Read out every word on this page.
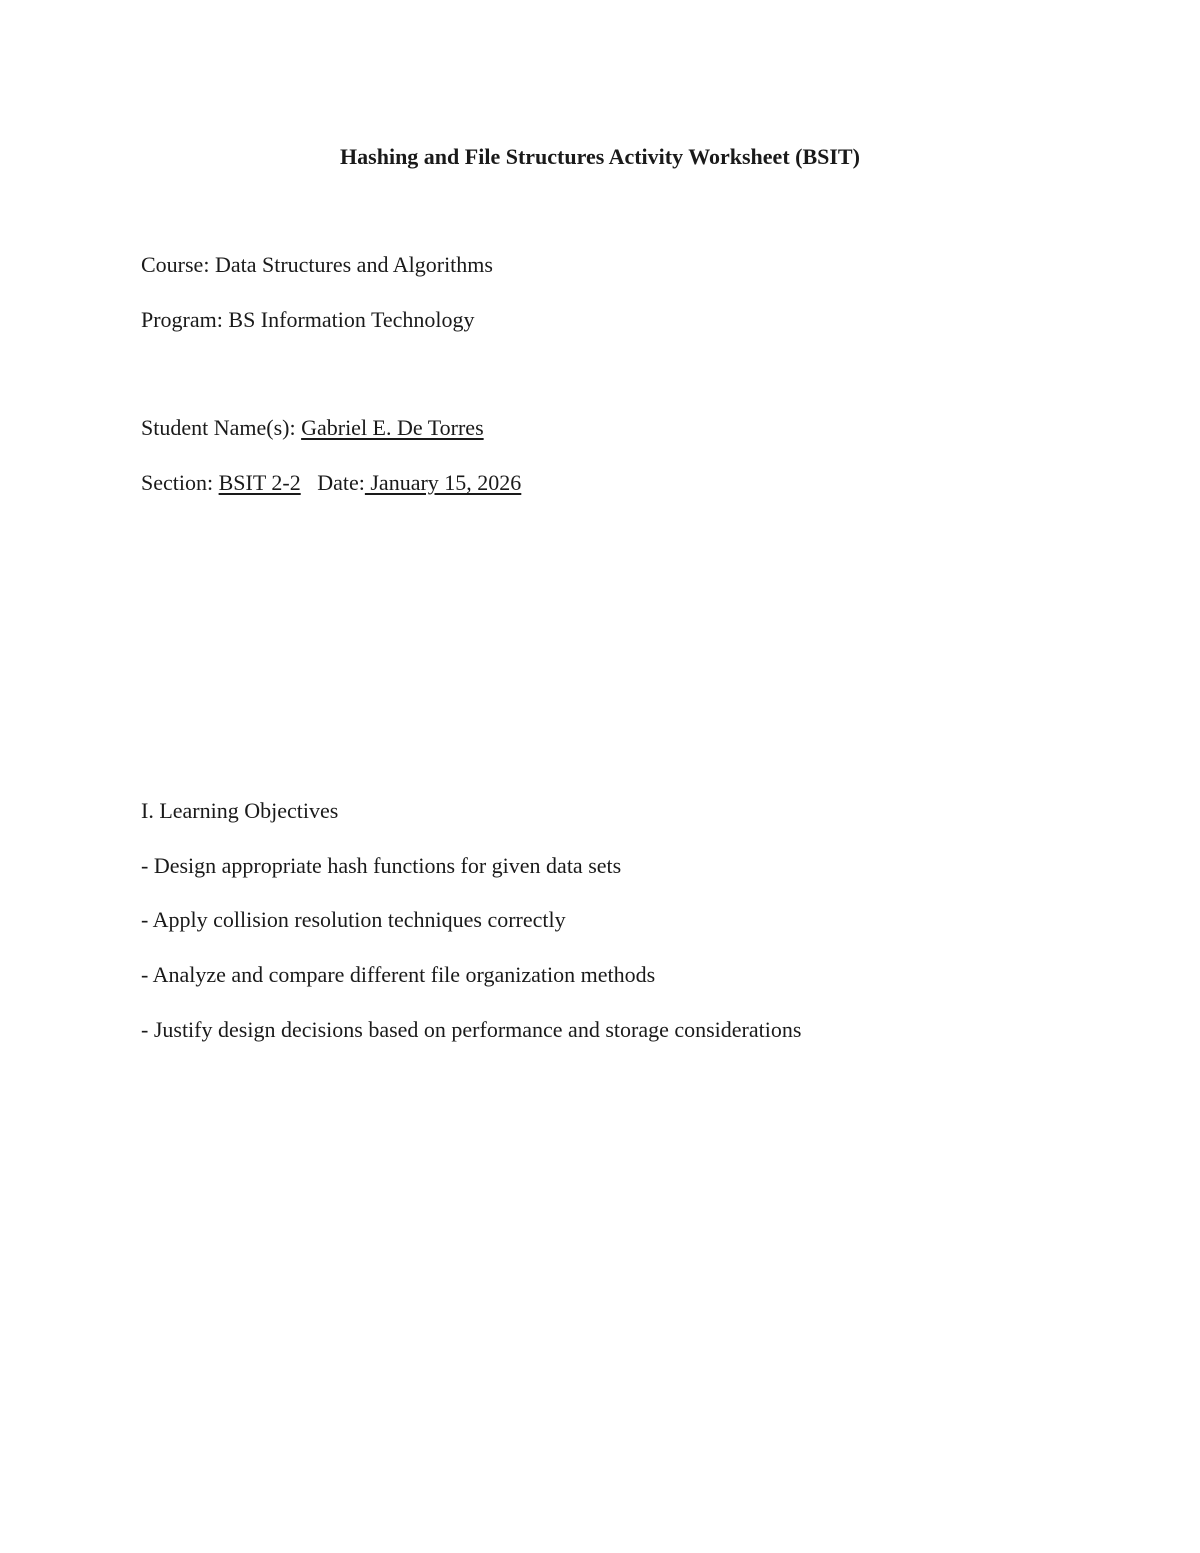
Hashing and File Structures Activity Worksheet (BSIT)
Course: Data Structures and Algorithms
Program: BS Information Technology
Student Name(s): Gabriel E. De Torres
Section: BSIT 2-2   Date: January 15, 2026
I. Learning Objectives
- Design appropriate hash functions for given data sets
- Apply collision resolution techniques correctly
- Analyze and compare different file organization methods
- Justify design decisions based on performance and storage considerations
